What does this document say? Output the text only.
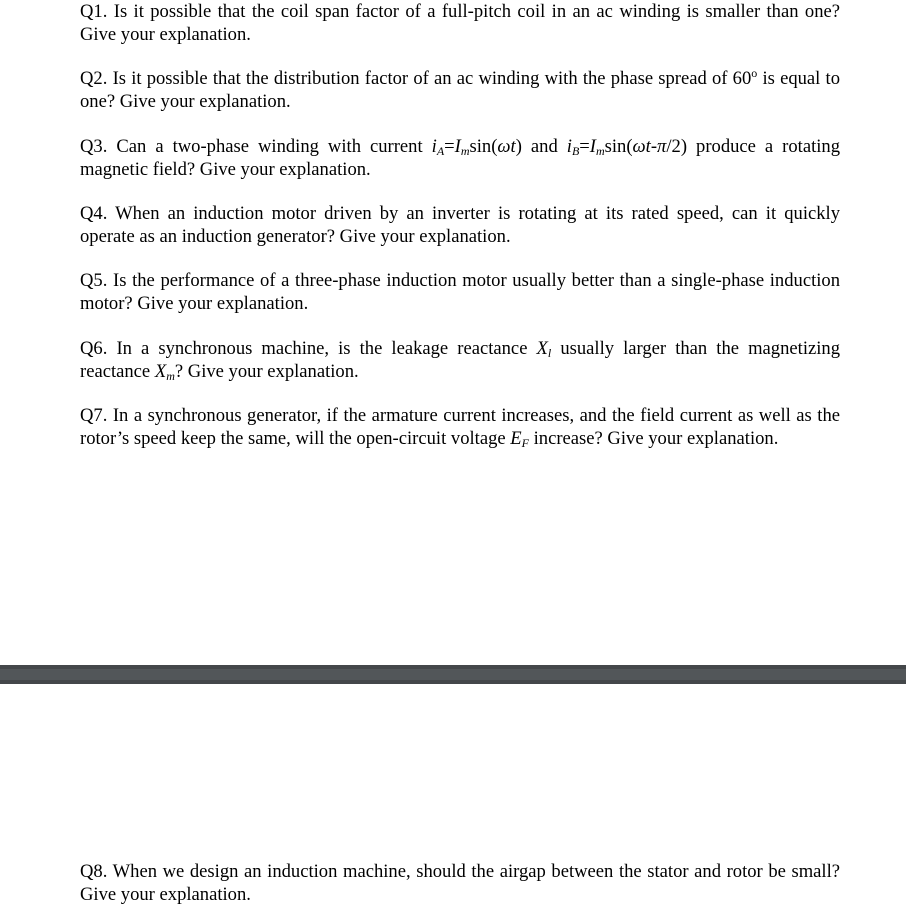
Q1. Is it possible that the coil span factor of a full-pitch coil in an ac winding is smaller than one? Give your explanation.

Q2. Is it possible that the distribution factor of an ac winding with the phase spread of 60$^o$ is equal to one? Give your explanation.

Q3. Can a two-phase winding with current $i_A=I_m\sin(\omega t)$ and $i_B=I_m\sin(\omega t-\pi/2)$ produce a rotating magnetic field? Give your explanation.

Q4. When an induction motor driven by an inverter is rotating at its rated speed, can it quickly operate as an induction generator? Give your explanation.

Q5. Is the performance of a three-phase induction motor usually better than a single-phase induction motor? Give your explanation.

Q6. In a synchronous machine, is the leakage reactance $X_l$ usually larger than the magnetizing reactance $X_m$? Give your explanation.

Q7. In a synchronous generator, if the armature current increases, and the field current as well as the rotor’s speed keep the same, will the open-circuit voltage $E_F$ increase? Give your explanation.

Q8. When we design an induction machine, should the airgap between the stator and rotor be small? Give your explanation.
